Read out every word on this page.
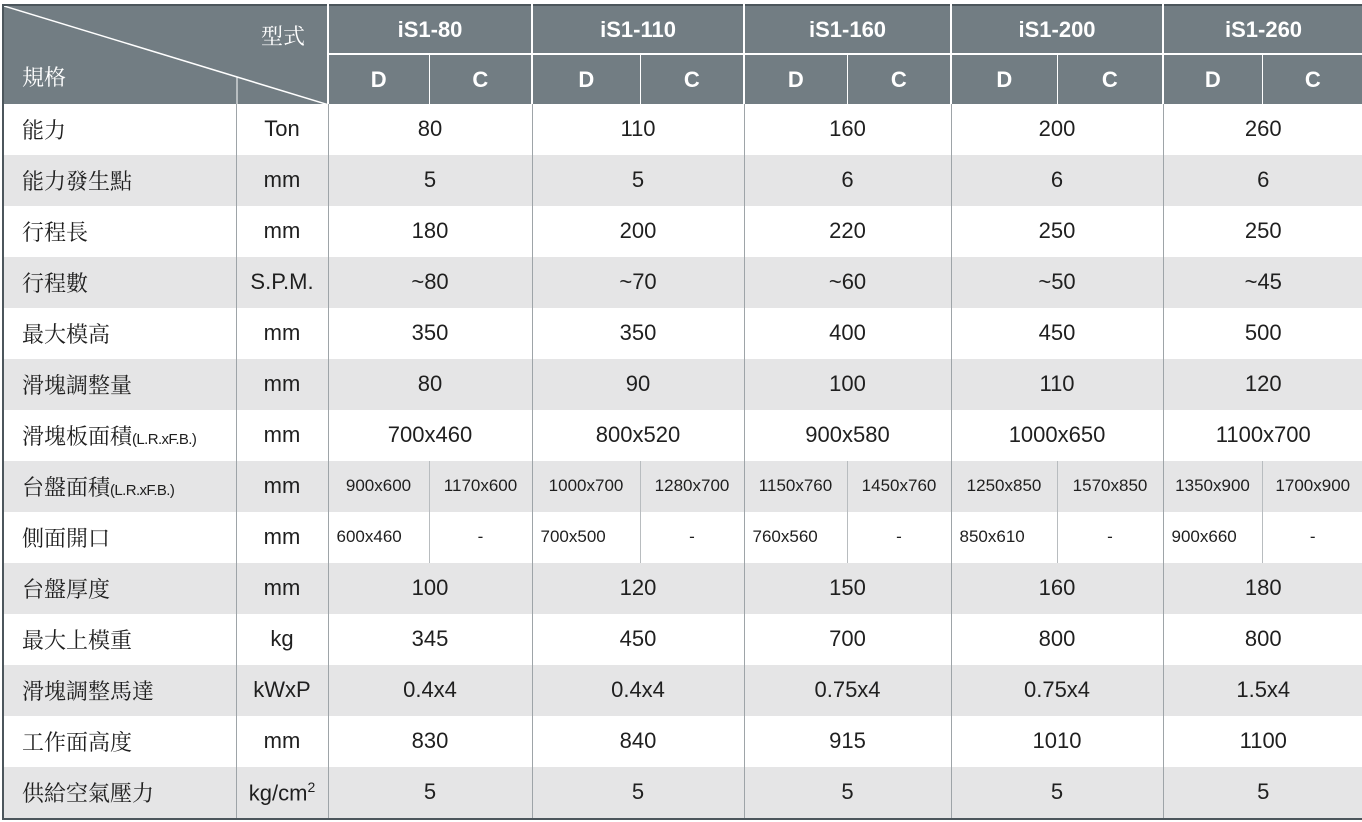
型式
規格		iS1-80		iS1-110		iS1-160		iS1-200		iS1-260	
		D	C	D	C	D	C	D	C	D	C
能力	Ton	80		110		160		200		260	
能力發生點	mm	5		5		6		6		6	
行程長	mm	180		200		220		250		250	
行程數	S.P.M.	~80		~70		~60		~50		~45	
最大模高	mm	350		350		400		450		500	
滑塊調整量	mm	80		90		100		110		120	
滑塊板面積(L.R.xF.B.)	mm	700x460		800x520		900x580		1000x650		1100x700	
台盤面積(L.R.xF.B.)	mm	900x600	1170x600	1000x700	1280x700	1150x760	1450x760	1250x850	1570x850	1350x900	1700x900
側面開口	mm	600x460	-	700x500	-	760x560	-	850x610	-	900x660	-
台盤厚度	mm	100		120		150		160		180	
最大上模重	kg	345		450		700		800		800	
滑塊調整馬達	kWxP	0.4x4		0.4x4		0.75x4		0.75x4		1.5x4	
工作面高度	mm	830		840		915		1010		1100	
供給空氣壓力	$kg/cm^2$	5		5		5		5		5	
